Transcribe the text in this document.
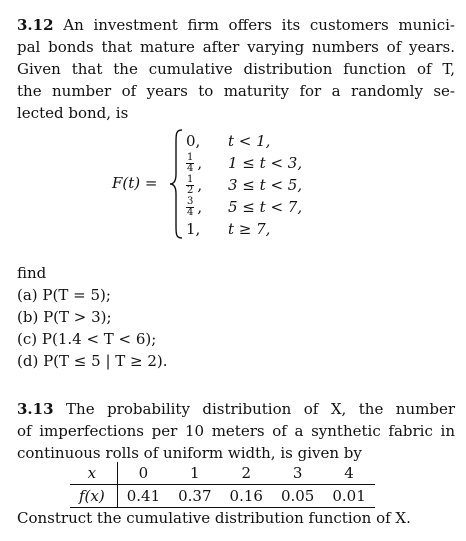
3.12 An investment firm offers its customers munici-
pal bonds that mature after varying numbers of years.
Given that the cumulative distribution function of T,
the number of years to maturity for a randomly se-
lected bond, is
F(t) =
0,	t < 1,
$\frac{1}{4}$ ,	1 ≤ t < 3,
$\frac{1}{2}$ ,	3 ≤ t < 5,
$\frac{3}{4}$ ,	5 ≤ t < 7,
1,	t ≥ 7,
find
(a) P(T = 5);
(b) P(T > 3);
(c) P(1.4 < T < 6);
(d) P(T ≤ 5 | T ≥ 2).
3.13 The probability distribution of X, the number
of imperfections per 10 meters of a synthetic fabric in
continuous rolls of uniform width, is given by
x	0	1	2	3	4
f(x)	0.41	0.37	0.16	0.05	0.01
Construct the cumulative distribution function of X.
